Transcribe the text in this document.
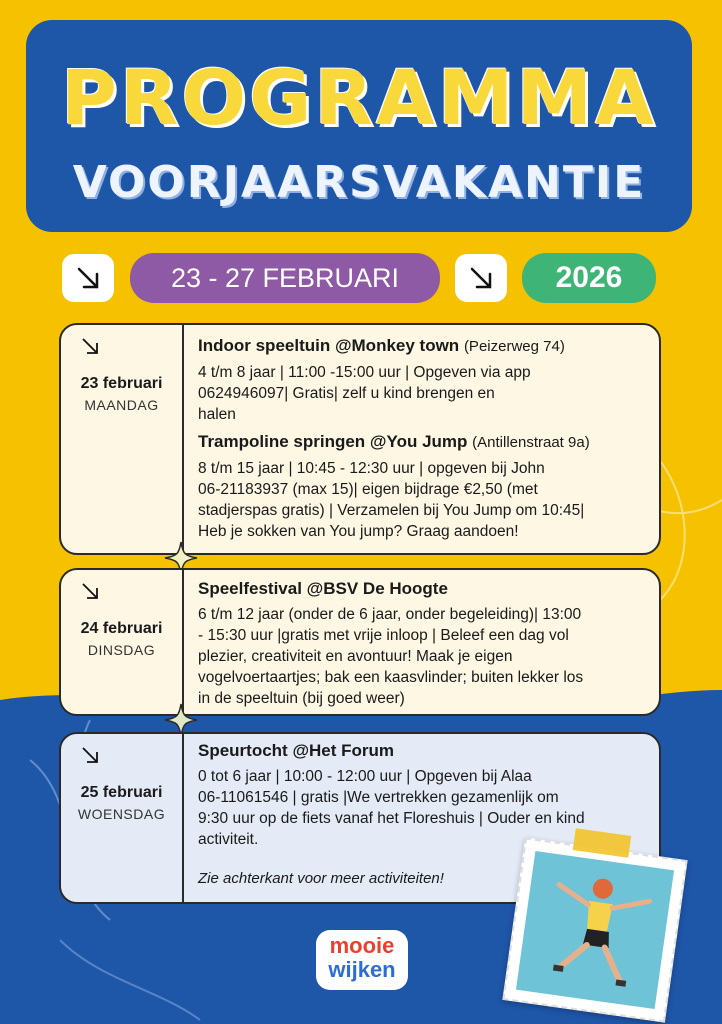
PROGRAMMA
VOORJAARSVAKANTIE
23 - 27 FEBRUARI	2026
23 februari
MAANDAG
Indoor speeltuin @Monkey town (Peizerweg 74)
4 t/m 8 jaar | 11:00 -15:00 uur | Opgeven via app
0624946097| Gratis| zelf u kind brengen en
halen
Trampoline springen @You Jump (Antillenstraat 9a)
8 t/m 15 jaar | 10:45 - 12:30 uur | opgeven bij John
06-21183937 (max 15)| eigen bijdrage €2,50 (met
stadjerspas gratis) | Verzamelen bij You Jump om 10:45|
Heb je sokken van You jump? Graag aandoen!
24 februari
DINSDAG
Speelfestival @BSV De Hoogte
6 t/m 12 jaar (onder de 6 jaar, onder begeleiding)| 13:00
- 15:30 uur |gratis met vrije inloop | Beleef een dag vol
plezier, creativiteit en avontuur! Maak je eigen
vogelvoertaartjes; bak een kaasvlinder; buiten lekker los
in de speeltuin (bij goed weer)
25 februari
WOENSDAG
Speurtocht @Het Forum
0 tot 6 jaar | 10:00 - 12:00 uur | Opgeven bij Alaa
06-11061546 | gratis |We vertrekken gezamenlijk om
9:30 uur op de fiets vanaf het Floreshuis | Ouder en kind
activiteit.
Zie achterkant voor meer activiteiten!
mooie
wijken
